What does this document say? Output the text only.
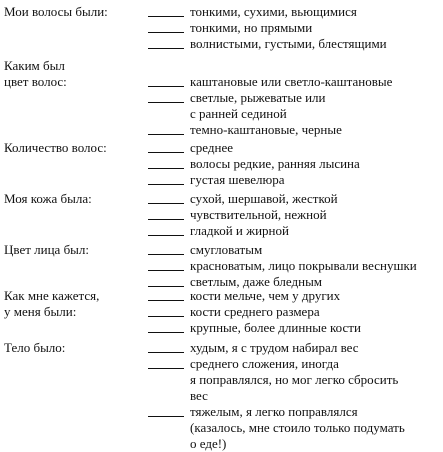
Мои волосы были:	тонкими, сухими, вьющимися
тонкими, но прямыми
волнистыми, густыми, блестящими
Каким был
цвет волос:	каштановые или светло-каштановые
светлые, рыжеватые или
с ранней сединой
темно-каштановые, черные
Количество волос:	среднее
волосы редкие, ранняя лысина
густая шевелюра
Моя кожа была:	сухой, шершавой, жесткой
чувствительной, нежной
гладкой и жирной
Цвет лица был:	смугловатым
красноватым, лицо покрывали веснушки
светлым, даже бледным
Как мне кажется,
у меня были:
кости мельче, чем у других
кости среднего размера
крупные, более длинные кости
Тело было:	худым, я с трудом набирал вес
среднего сложения, иногда
я поправлялся, но мог легко сбросить
вес
тяжелым, я легко поправлялся
(казалось, мне стоило только подумать
о еде!)
